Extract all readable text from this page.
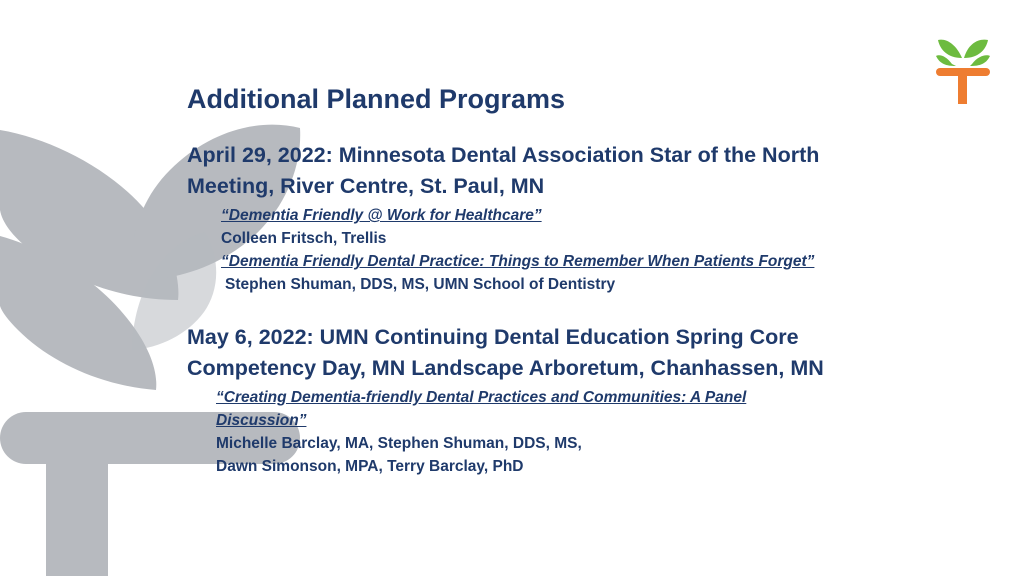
Additional Planned Programs
April 29, 2022: Minnesota Dental Association Star of the North
Meeting, River Centre, St. Paul, MN
“Dementia Friendly @ Work for Healthcare”
Colleen Fritsch, Trellis
“Dementia Friendly Dental Practice: Things to Remember When Patients Forget”
Stephen Shuman, DDS, MS, UMN School of Dentistry
May 6, 2022: UMN Continuing Dental Education Spring Core
Competency Day, MN Landscape Arboretum, Chanhassen, MN
“Creating Dementia-friendly Dental Practices and Communities: A Panel
Discussion”
Michelle Barclay, MA, Stephen Shuman, DDS, MS,
Dawn Simonson, MPA, Terry Barclay, PhD
